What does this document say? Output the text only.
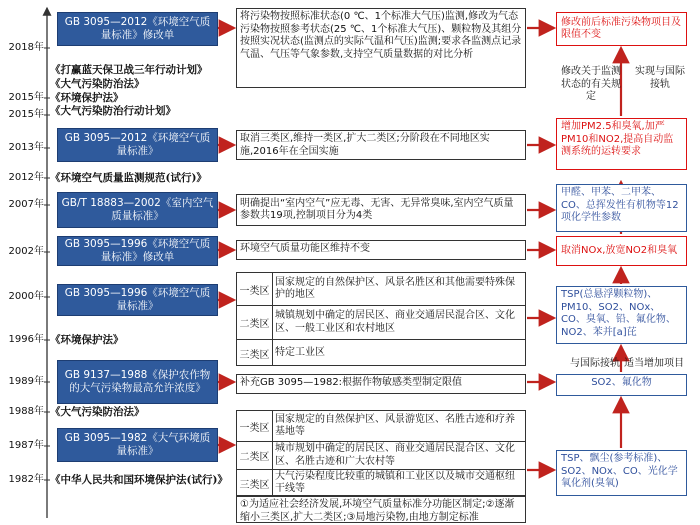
2018年
2015年
2015年
2013年
2012年
2007年
2002年
2000年
1996年
1989年
1988年
1987年
1982年
《打赢蓝天保卫战三年行动计划》
《大气污染防治法》
《环境保护法》
《大气污染防治行动计划》
《环境空气质量监测规范(试行)》
《环境保护法》
《大气污染防治法》
《中华人民共和国环境保护法(试行)》
GB 3095—2012《环境空气质量标准》修改单
GB 3095—2012《环境空气质量标准》
GB/T 18883—2002《室内空气质量标准》
GB 3095—1996《环境空气质量标准》修改单
GB 3095—1996《环境空气质量标准》
GB 9137—1988《保护农作物的大气污染物最高允许浓度》
GB 3095—1982《大气环境质量标准》
将污染物按照标准状态(0 ℃、1个标准大气压)监测,修改为气态污染物按照参考状态(25 ℃、1个标准大气压)、颗粒物及其组分按照实况状态(监测点的实际气温和气压)监测;要求各监测点记录气温、气压等气象参数,支持空气质量数据的对比分析
取消三类区,维持一类区,扩大二类区;分阶段在不同地区实施,2016年在全国实施
明确提出“室内空气”应无毒、无害、无异常臭味,室内空气质量参数共19项,控制项目分为4类
环境空气质量功能区维持不变
一类区
国家规定的自然保护区、风景名胜区和其他需要特殊保护的地区
二类区
城镇规划中确定的居民区、商业交通居民混合区、文化区、一般工业区和农村地区
三类区 特定工业区
补充GB 3095—1982:根据作物敏感类型制定限值
一类区
国家规定的自然保护区、风景游览区、名胜古迹和疗养基地等
二类区
城市规划中确定的居民区、商业交通居民混合区、文化区、名胜古迹和广大农村等
三类区
大气污染程度比较重的城镇和工业区以及城市交通枢纽干线等
①为适应社会经济发展,环境空气质量标准分功能区制定;②逐渐缩小三类区,扩大二类区;③局地污染物,由地方制定标准
修改前后标准污染物项目及限值不变
增加PM2.5和臭氧,加严PM10和NO2,提高自动监测系统的运转要求
甲醛、甲苯、二甲苯、CO、总挥发性有机物等12项化学性参数
取消NOx,放宽NO2和臭氧
TSP(总悬浮颗粒物)、PM10、SO2、NOx、CO、臭氧、铅、氟化物、NO2、苯并[a]芘
SO2、氟化物
TSP、飘尘(参考标准)、SO2、NOx、CO、光化学氧化剂(臭氧)
修改关于监测状态的有关规定
实现与国际接轨
与国际接轨 适当增加项目
